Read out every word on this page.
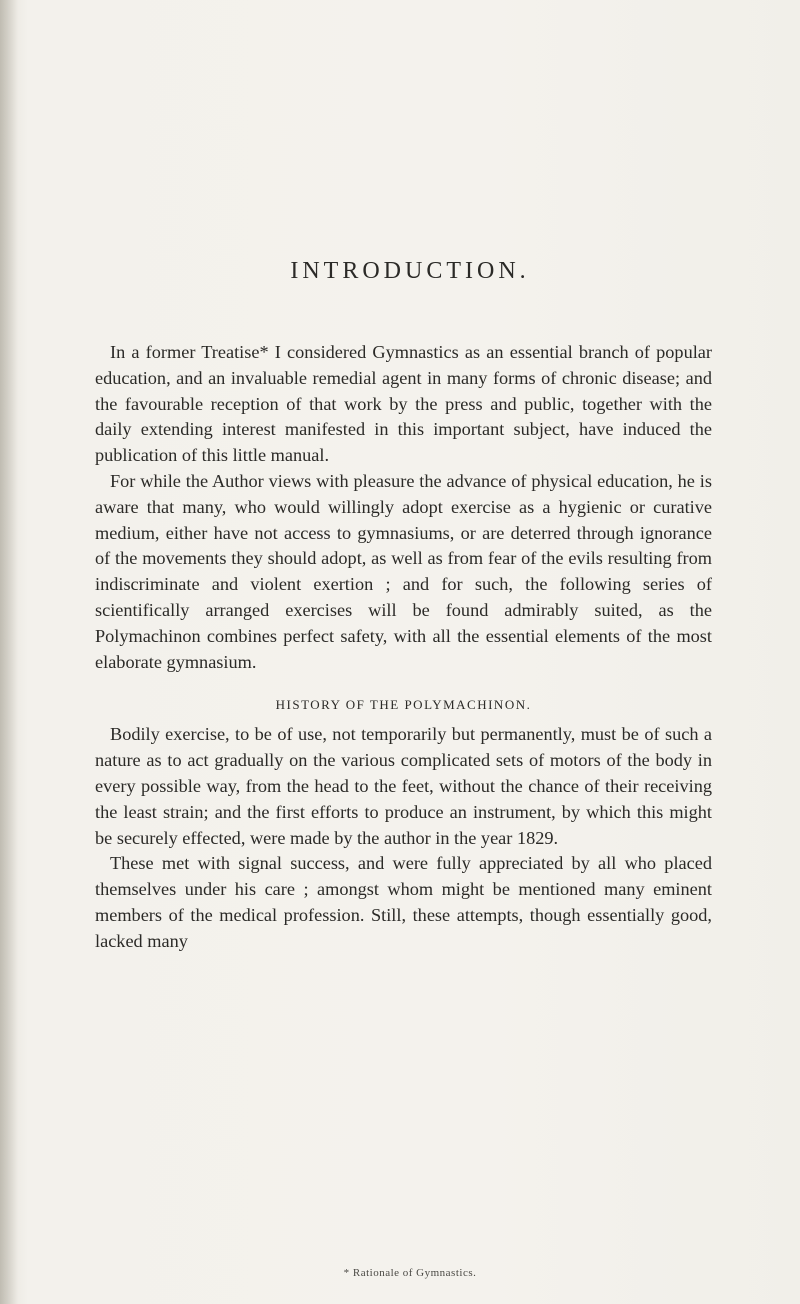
INTRODUCTION.

In a former Treatise* I considered Gymnastics as an essential branch of popular education, and an invaluable remedial agent in many forms of chronic disease; and the favourable reception of that work by the press and public, together with the daily extending interest manifested in this important subject, have induced the publication of this little manual.

For while the Author views with pleasure the advance of physical education, he is aware that many, who would willingly adopt exercise as a hygienic or curative medium, either have not access to gymnasiums, or are deterred through ignorance of the movements they should adopt, as well as from fear of the evils resulting from indiscriminate and violent exertion ; and for such, the following series of scientifically arranged exercises will be found admirably suited, as the Polymachinon combines perfect safety, with all the essential elements of the most elaborate gymnasium.

HISTORY OF THE POLYMACHINON.

Bodily exercise, to be of use, not temporarily but permanently, must be of such a nature as to act gradually on the various complicated sets of motors of the body in every possible way, from the head to the feet, without the chance of their receiving the least strain; and the first efforts to produce an instrument, by which this might be securely effected, were made by the author in the year 1829.

These met with signal success, and were fully appreciated by all who placed themselves under his care ; amongst whom might be mentioned many eminent members of the medical profession. Still, these attempts, though essentially good, lacked many

* Rationale of Gymnastics.
